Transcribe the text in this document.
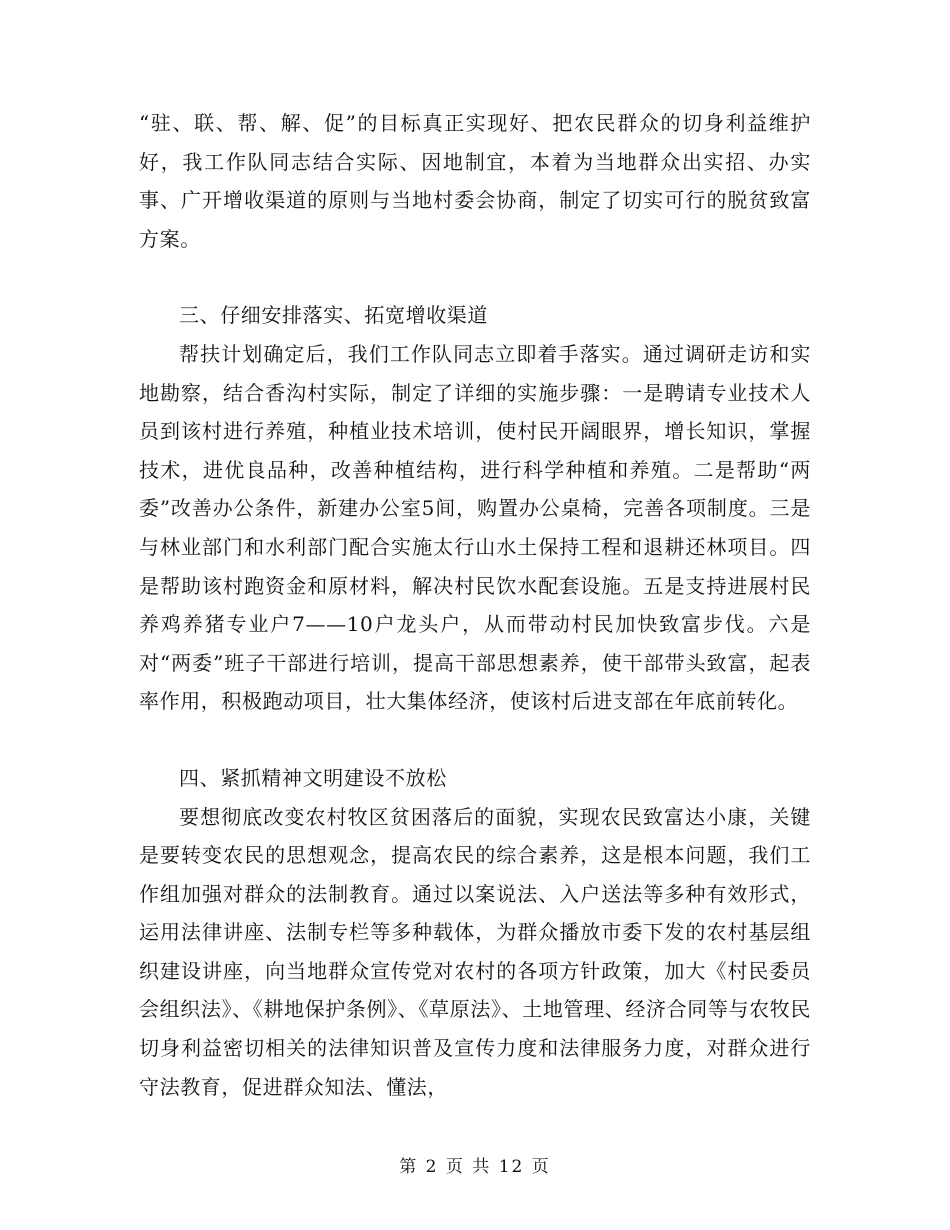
“驻、联、帮、解、促”的目标真正实现好、把农民群众的切身利益维护好，我工作队同志结合实际、因地制宜，本着为当地群众出实招、办实事、广开增收渠道的原则与当地村委会协商，制定了切实可行的脱贫致富方案。

三、仔细安排落实、拓宽增收渠道

帮扶计划确定后，我们工作队同志立即着手落实。通过调研走访和实地勘察，结合香沟村实际，制定了详细的实施步骤：一是聘请专业技术人员到该村进行养殖，种植业技术培训，使村民开阔眼界，增长知识，掌握技术，进优良品种，改善种植结构，进行科学种植和养殖。二是帮助“两委”改善办公条件，新建办公室5间，购置办公桌椅，完善各项制度。三是与林业部门和水利部门配合实施太行山水土保持工程和退耕还林项目。四是帮助该村跑资金和原材料，解决村民饮水配套设施。五是支持进展村民养鸡养猪专业户7——10户龙头户，从而带动村民加快致富步伐。六是对“两委”班子干部进行培训，提高干部思想素养，使干部带头致富，起表率作用，积极跑动项目，壮大集体经济，使该村后进支部在年底前转化。

四、紧抓精神文明建设不放松

要想彻底改变农村牧区贫困落后的面貌，实现农民致富达小康，关键是要转变农民的思想观念，提高农民的综合素养，这是根本问题，我们工作组加强对群众的法制教育。通过以案说法、入户送法等多种有效形式，运用法律讲座、法制专栏等多种载体，为群众播放市委下发的农村基层组织建设讲座，向当地群众宣传党对农村的各项方针政策，加大《村民委员会组织法》、《耕地保护条例》、《草原法》、土地管理、经济合同等与农牧民切身利益密切相关的法律知识普及宣传力度和法律服务力度，对群众进行守法教育，促进群众知法、懂法，

第 2 页 共 12 页
